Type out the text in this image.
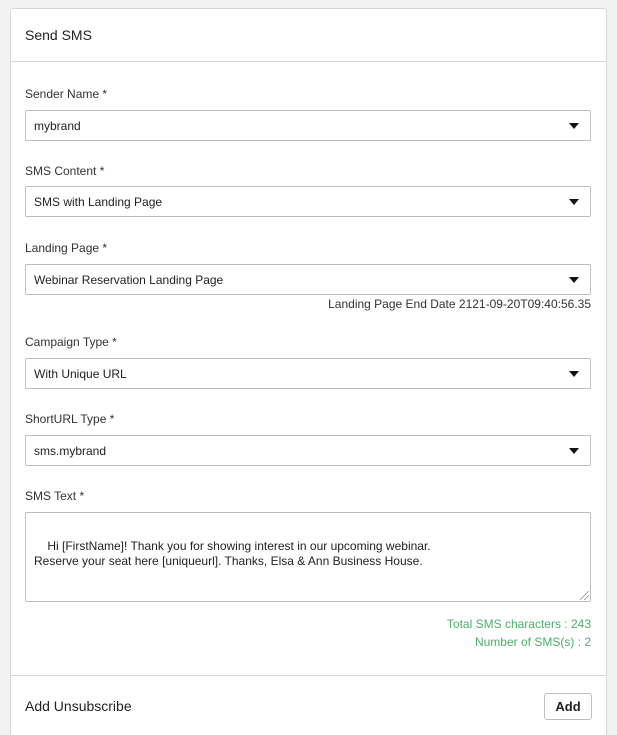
Send SMS
Sender Name *
mybrand
SMS Content *
SMS with Landing Page
Landing Page *
Webinar Reservation Landing Page
Landing Page End Date 2121-09-20T09:40:56.35
Campaign Type *
With Unique URL
ShortURL Type *
sms.mybrand
SMS Text *

Hi [FirstName]! Thank you for showing interest in our upcoming webinar.
Reserve your seat here [uniqueurl]. Thanks, Elsa & Ann Business House.

Total SMS characters : 243
Number of SMS(s) : 2
Add Unsubscribe	Add
